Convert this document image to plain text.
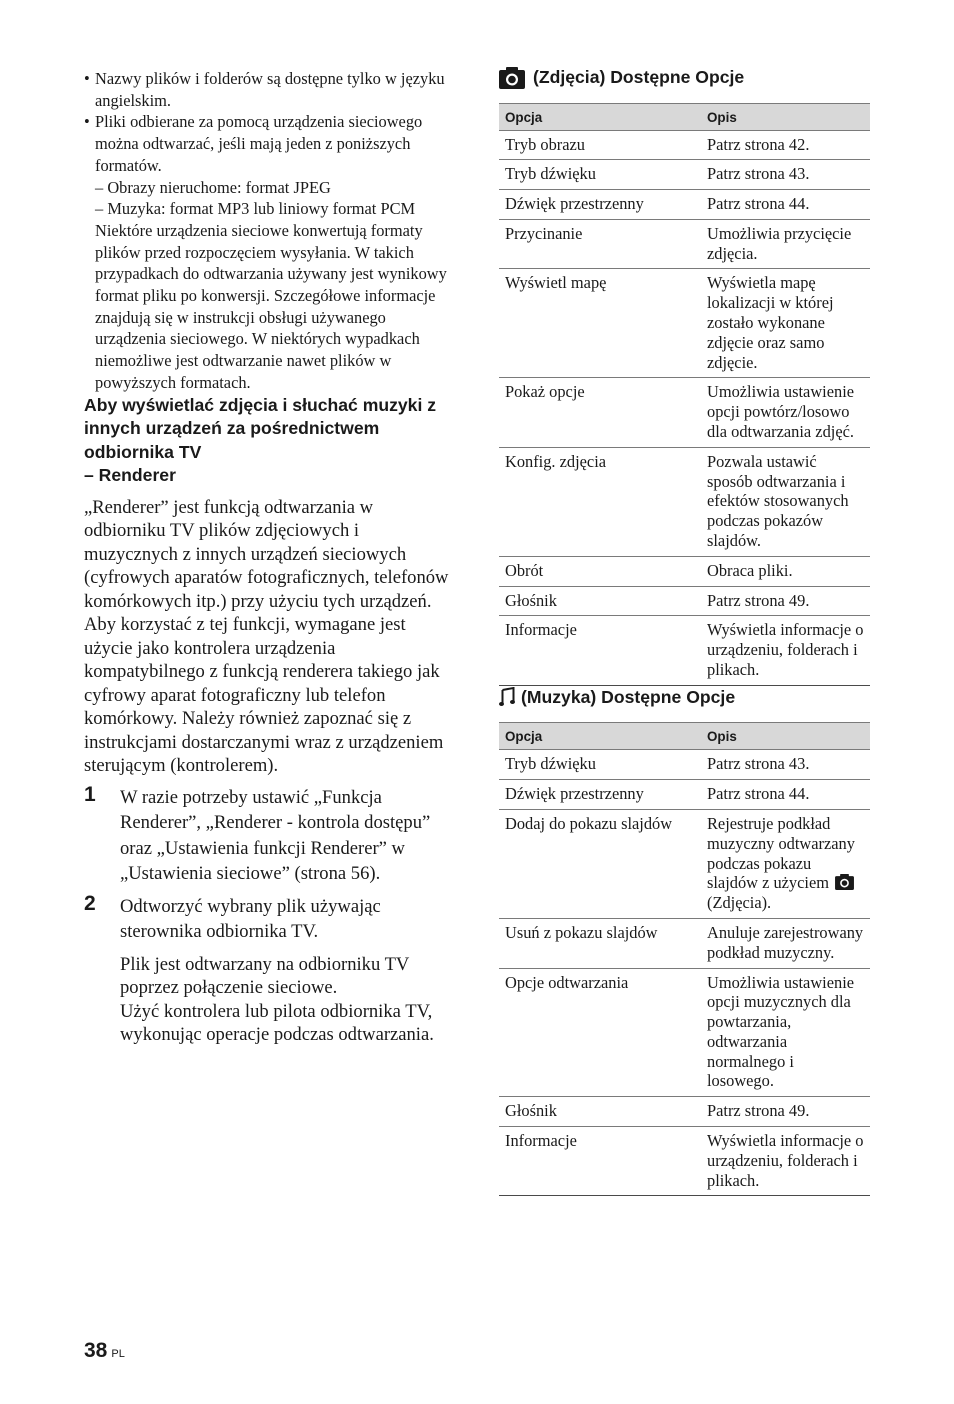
• Nazwy plików i folderów są dostępne tylko w języku angielskim.
• Pliki odbierane za pomocą urządzenia sieciowego można odtwarzać, jeśli mają jeden z poniższych formatów.
– Obrazy nieruchome: format JPEG
– Muzyka: format MP3 lub liniowy format PCM
Niektóre urządzenia sieciowe konwertują formaty plików przed rozpoczęciem wysyłania. W takich przypadkach do odtwarzania używany jest wynikowy format pliku po konwersji. Szczegółowe informacje znajdują się w instrukcji obsługi używanego urządzenia sieciowego. W niektórych wypadkach niemożliwe jest odtwarzanie nawet plików w powyższych formatach.
Aby wyświetlać zdjęcia i słuchać muzyki z innych urządzeń za pośrednictwem odbiornika TV
– Renderer

„Renderer” jest funkcją odtwarzania w odbiorniku TV plików zdjęciowych i muzycznych z innych urządzeń sieciowych (cyfrowych aparatów fotograficznych, telefonów komórkowych itp.) przy użyciu tych urządzeń. Aby korzystać z tej funkcji, wymagane jest użycie jako kontrolera urządzenia kompatybilnego z funkcją renderera takiego jak cyfrowy aparat fotograficzny lub telefon komórkowy. Należy również zapoznać się z instrukcjami dostarczanymi wraz z urządzeniem sterującym (kontrolerem).

1 W razie potrzeby ustawić „Funkcja Renderer”, „Renderer - kontrola dostępu” oraz „Ustawienia funkcji Renderer” w „Ustawienia sieciowe” (strona 56).
2 Odtworzyć wybrany plik używając sterownika odbiornika TV.
Plik jest odtwarzany na odbiorniku TV poprzez połączenie sieciowe.
Użyć kontrolera lub pilota odbiornika TV, wykonując operacje podczas odtwarzania.
(Zdjęcia) Dostępne Opcje
Opcja	Opis
Tryb obrazu	Patrz strona 42.
Tryb dźwięku	Patrz strona 43.
Dźwięk przestrzenny	Patrz strona 44.
Przycinanie	Umożliwia przycięcie zdjęcia.
Wyświetl mapę	Wyświetla mapę lokalizacji w której zostało wykonane zdjęcie oraz samo zdjęcie.
Pokaż opcje	Umożliwia ustawienie opcji powtórz/losowo dla odtwarzania zdjęć.
Konfig. zdjęcia	Pozwala ustawić sposób odtwarzania i efektów stosowanych podczas pokazów slajdów.
Obrót	Obraca pliki.
Głośnik	Patrz strona 49.
Informacje	Wyświetla informacje o urządzeniu, folderach i plikach.
(Muzyka) Dostępne Opcje
Opcja	Opis
Tryb dźwięku	Patrz strona 43.
Dźwięk przestrzenny	Patrz strona 44.
Dodaj do pokazu slajdów	Rejestruje podkład muzyczny odtwarzany podczas pokazu slajdów z użyciem (Zdjęcia).
Usuń z pokazu slajdów	Anuluje zarejestrowany podkład muzyczny.
Opcje odtwarzania	Umożliwia ustawienie opcji muzycznych dla powtarzania, odtwarzania normalnego i losowego.
Głośnik	Patrz strona 49.
Informacje	Wyświetla informacje o urządzeniu, folderach i plikach.
38 PL
